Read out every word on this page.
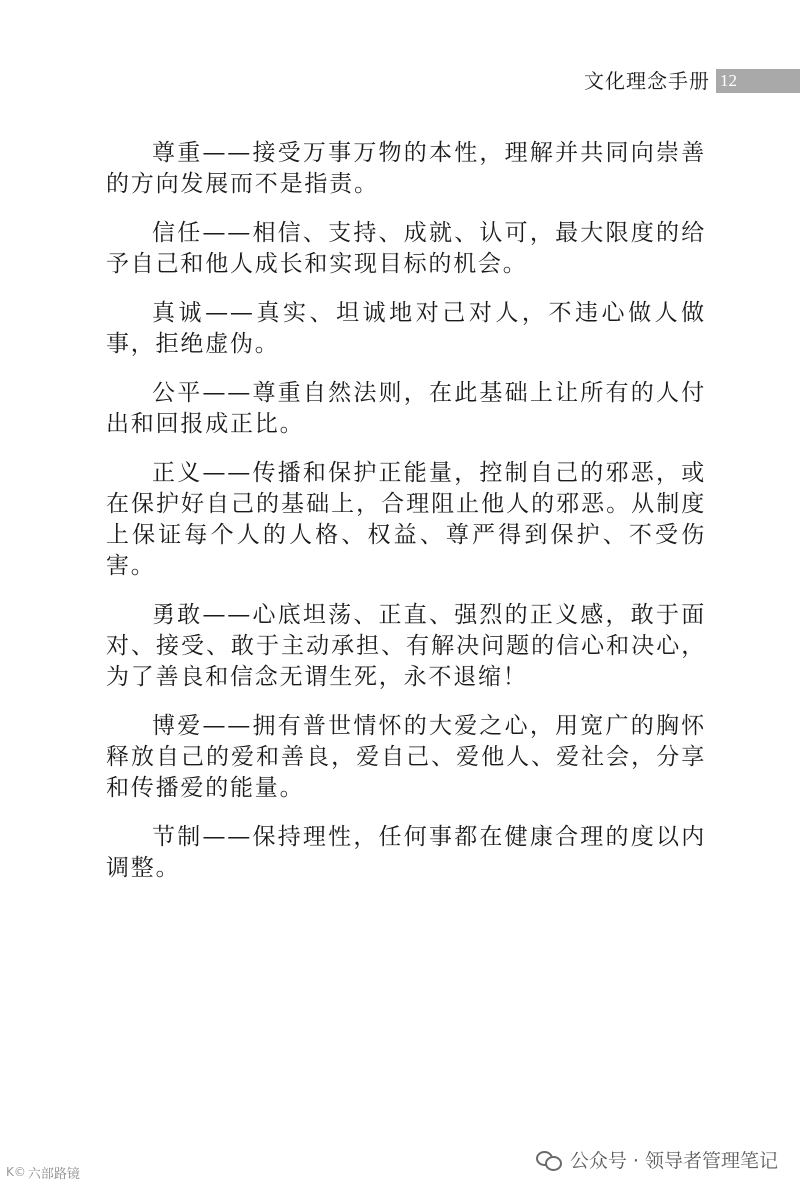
文化理念手册 12

尊重——接受万事万物的本性，理解并共同向崇善的方向发展而不是指责。

信任——相信、支持、成就、认可，最大限度的给予自己和他人成长和实现目标的机会。

真诚——真实、坦诚地对己对人，不违心做人做事，拒绝虚伪。

公平——尊重自然法则，在此基础上让所有的人付出和回报成正比。

正义——传播和保护正能量，控制自己的邪恶，或在保护好自己的基础上，合理阻止他人的邪恶。从制度上保证每个人的人格、权益、尊严得到保护、不受伤害。

勇敢——心底坦荡、正直、强烈的正义感，敢于面对、接受、敢于主动承担、有解决问题的信心和决心，为了善良和信念无谓生死，永不退缩！

博爱——拥有普世情怀的大爱之心，用宽广的胸怀释放自己的爱和善良，爱自己、爱他人、爱社会，分享和传播爱的能量。

节制——保持理性，任何事都在健康合理的度以内调整。

K© 六部路镜
公众号 · 领导者管理笔记
